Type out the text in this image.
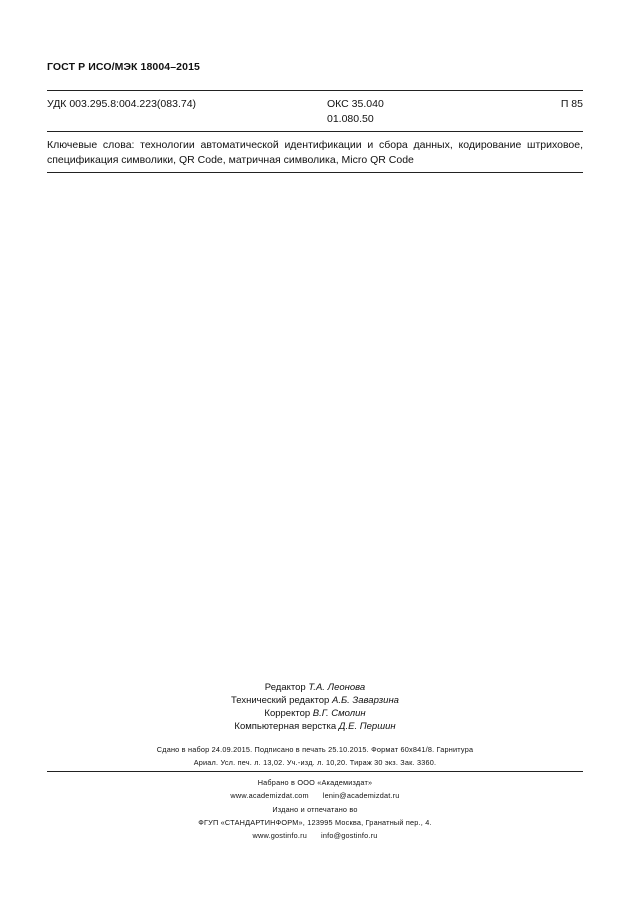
ГОСТ Р ИСО/МЭК 18004–2015
УДК 003.295.8:004.223(083.74)	ОКС 35.040
01.080.50
П 85
Ключевые слова: технологии автоматической идентификации и сбора данных, кодирование штриховое,
спецификация символики, QR Code, матричная символика, Micro QR Code
Редактор Т.А. Леонова
Технический редактор А.Б. Заварзина
Корректор В.Г. Смолин
Компьютерная верстка Д.Е. Першин
Сдано в набор 24.09.2015. Подписано в печать 25.10.2015. Формат 60x841/8. Гарнитура
Ариал. Усл. печ. л. 13,02. Уч.-изд. л. 10,20. Тираж 30 экз. Зак. 3360.
Набрано в ООО «Академиздат»
www.academizdat.com lenin@academizdat.ru
Издано и отпечатано во
ФГУП «СТАНДАРТИНФОРМ», 123995 Москва, Гранатный пер., 4.
www.gostinfo.ru info@gostinfo.ru
